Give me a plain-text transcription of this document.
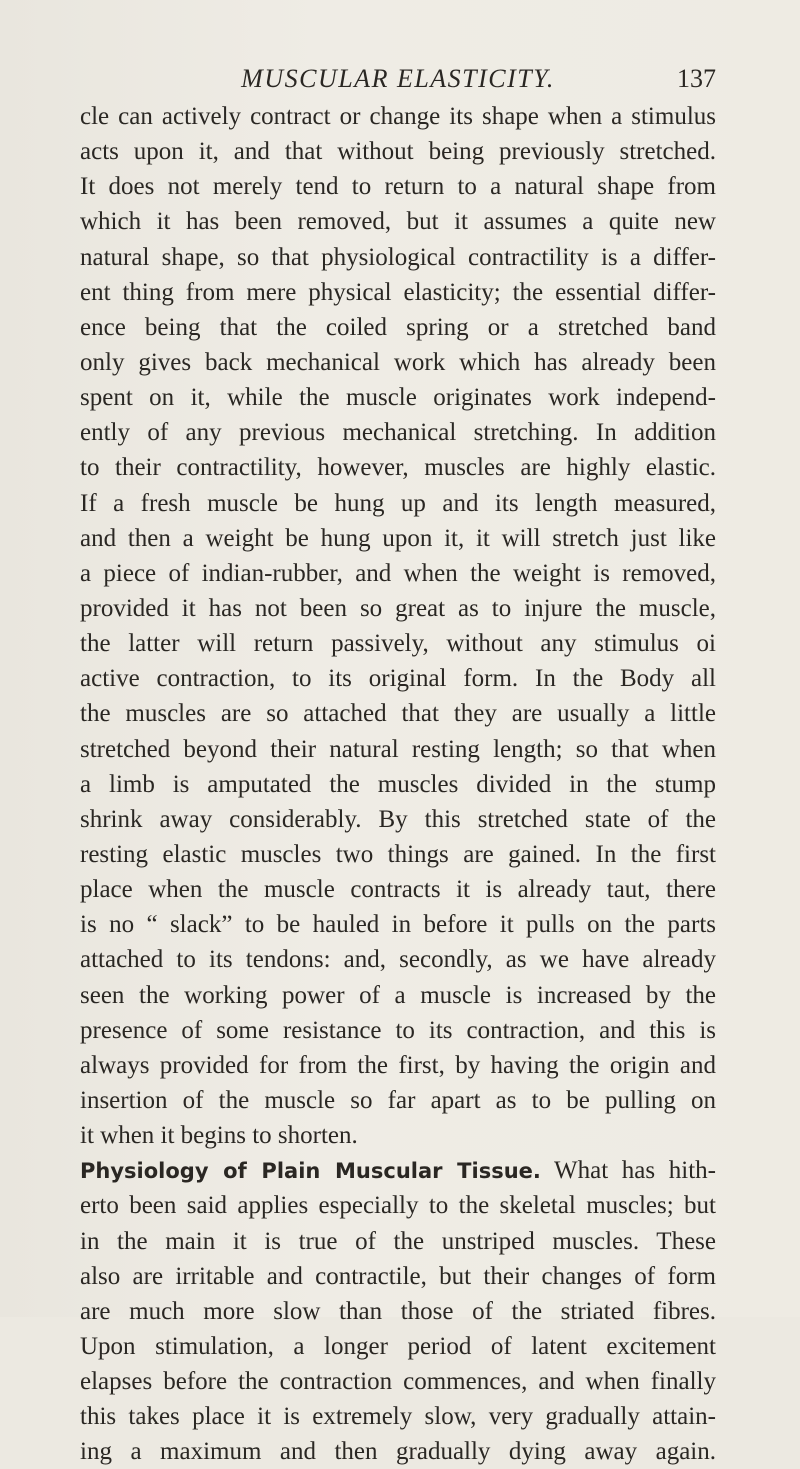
MUSCULAR ELASTICITY.	137
cle can actively contract or change its shape when a stimulus
acts upon it, and that without being previously stretched.
It does not merely tend to return to a natural shape from
which it has been removed, but it assumes a quite new
natural shape, so that physiological contractility is a differ-
ent thing from mere physical elasticity; the essential differ-
ence being that the coiled spring or a stretched band
only gives back mechanical work which has already been
spent on it, while the muscle originates work independ-
ently of any previous mechanical stretching. In addition
to their contractility, however, muscles are highly elastic.
If a fresh muscle be hung up and its length measured,
and then a weight be hung upon it, it will stretch just like
a piece of indian-rubber, and when the weight is removed,
provided it has not been so great as to injure the muscle,
the latter will return passively, without any stimulus oi
active contraction, to its original form. In the Body all
the muscles are so attached that they are usually a little
stretched beyond their natural resting length; so that when
a limb is amputated the muscles divided in the stump
shrink away considerably. By this stretched state of the
resting elastic muscles two things are gained. In the first
place when the muscle contracts it is already taut, there
is no “ slack” to be hauled in before it pulls on the parts
attached to its tendons: and, secondly, as we have already
seen the working power of a muscle is increased by the
presence of some resistance to its contraction, and this is
always provided for from the first, by having the origin and
insertion of the muscle so far apart as to be pulling on
it when it begins to shorten.
Physiology of Plain Muscular Tissue. What has hith-
erto been said applies especially to the skeletal muscles; but
in the main it is true of the unstriped muscles. These
also are irritable and contractile, but their changes of form
are much more slow than those of the striated fibres.
Upon stimulation, a longer period of latent excitement
elapses before the contraction commences, and when finally
this takes place it is extremely slow, very gradually attain-
ing a maximum and then gradually dying away again.
